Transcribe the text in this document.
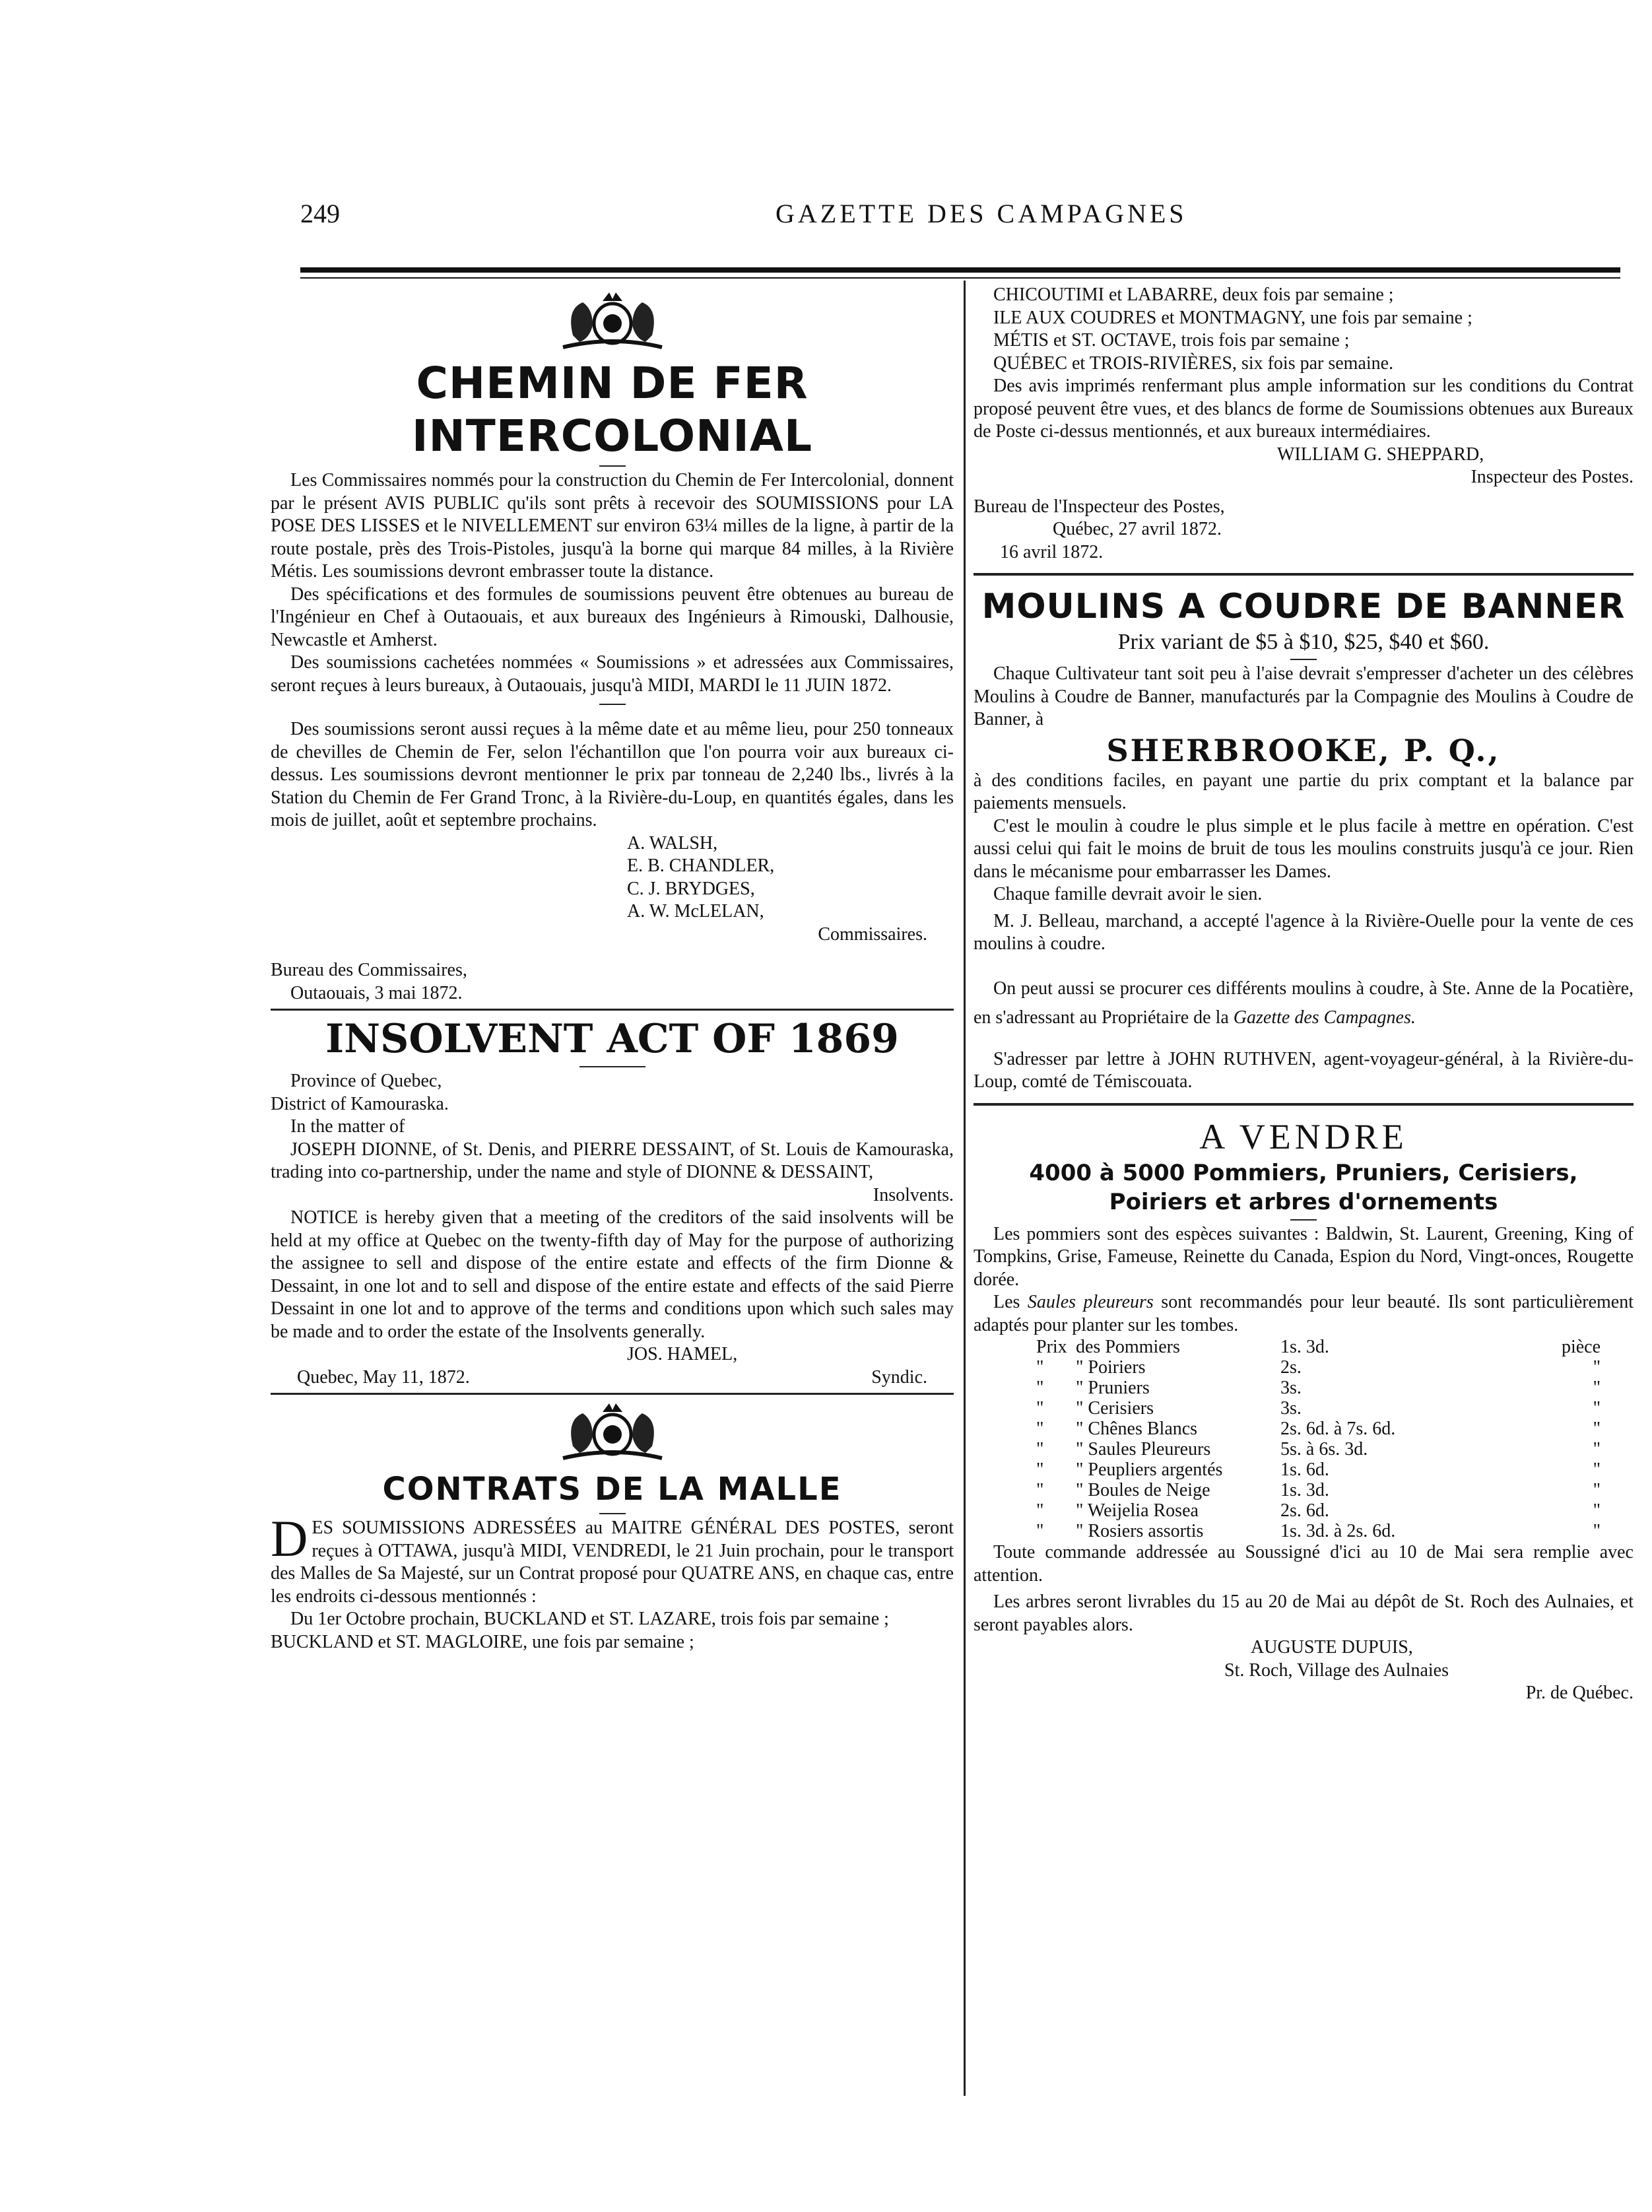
249	GAZETTE DES CAMPAGNES
CHEMIN DE FER INTERCOLONIAL

Les Commissaires nommés pour la construction du Chemin de Fer Intercolonial, donnent par le présent AVIS PUBLIC qu'ils sont prêts à recevoir des SOUMISSIONS pour LA POSE DES LISSES et le NIVELLEMENT sur environ 63¼ milles de la ligne, à partir de la route postale, près des Trois-Pistoles, jusqu'à la borne qui marque 84 milles, à la Rivière Métis. Les soumissions devront embrasser toute la distance.

Des spécifications et des formules de soumissions peuvent être obtenues au bureau de l'Ingénieur en Chef à Outaouais, et aux bureaux des Ingénieurs à Rimouski, Dalhousie, Newcastle et Amherst.

Des soumissions cachetées nommées « Soumissions » et adressées aux Commissaires, seront reçues à leurs bureaux, à Outaouais, jusqu'à MIDI, MARDI le 11 JUIN 1872.

Des soumissions seront aussi reçues à la même date et au même lieu, pour 250 tonneaux de chevilles de Chemin de Fer, selon l'échantillon que l'on pourra voir aux bureaux ci-dessus. Les soumissions devront mentionner le prix par tonneau de 2,240 lbs., livrés à la Station du Chemin de Fer Grand Tronc, à la Rivière-du-Loup, en quantités égales, dans les mois de juillet, août et septembre prochains.

A. WALSH,

E. B. CHANDLER,

C. J. BRYDGES,

A. W. McLELAN,

Commissaires.

Bureau des Commissaires,

Outaouais, 3 mai 1872.

INSOLVENT ACT OF 1869

Province of Quebec,

District of Kamouraska.

In the matter of

JOSEPH DIONNE, of St. Denis, and PIERRE DESSAINT, of St. Louis de Kamouraska, trading into co-partnership, under the name and style of DIONNE & DESSAINT,

Insolvents.

NOTICE is hereby given that a meeting of the creditors of the said insolvents will be held at my office at Quebec on the twenty-fifth day of May for the purpose of authorizing the assignee to sell and dispose of the entire estate and effects of the firm Dionne & Dessaint, in one lot and to sell and dispose of the entire estate and effects of the said Pierre Dessaint in one lot and to approve of the terms and conditions upon which such sales may be made and to order the estate of the Insolvents generally.

JOS. HAMEL,

Quebec, May 11, 1872.	Syndic.

CONTRATS DE LA MALLE

DES SOUMISSIONS ADRESSÉES au MAITRE GÉNÉRAL DES POSTES, seront reçues à OTTAWA, jusqu'à MIDI, VENDREDI, le 21 Juin prochain, pour le transport des Malles de Sa Majesté, sur un Contrat proposé pour QUATRE ANS, en chaque cas, entre les endroits ci-dessous mentionnés :

Du 1er Octobre prochain, BUCKLAND et ST. LAZARE, trois fois par semaine ;

BUCKLAND et ST. MAGLOIRE, une fois par semaine ;

CHICOUTIMI et LABARRE, deux fois par semaine ;

ILE AUX COUDRES et MONTMAGNY, une fois par semaine ;

MÉTIS et ST. OCTAVE, trois fois par semaine ;

QUÉBEC et TROIS-RIVIÈRES, six fois par semaine.

Des avis imprimés renfermant plus ample information sur les conditions du Contrat proposé peuvent être vues, et des blancs de forme de Soumissions obtenues aux Bureaux de Poste ci-dessus mentionnés, et aux bureaux intermédiaires.

WILLIAM G. SHEPPARD,

Inspecteur des Postes.

Bureau de l'Inspecteur des Postes,

Québec, 27 avril 1872.

16 avril 1872.

MOULINS A COUDRE DE BANNER

Prix variant de $5 à $10, $25, $40 et $60.

Chaque Cultivateur tant soit peu à l'aise devrait s'empresser d'acheter un des célèbres Moulins à Coudre de Banner, manufacturés par la Compagnie des Moulins à Coudre de Banner, à

SHERBROOKE, P. Q.,

à des conditions faciles, en payant une partie du prix comptant et la balance par paiements mensuels.

C'est le moulin à coudre le plus simple et le plus facile à mettre en opération. C'est aussi celui qui fait le moins de bruit de tous les moulins construits jusqu'à ce jour. Rien dans le mécanisme pour embarrasser les Dames.

Chaque famille devrait avoir le sien.

M. J. Belleau, marchand, a accepté l'agence à la Rivière-Ouelle pour la vente de ces moulins à coudre.

On peut aussi se procurer ces différents moulins à coudre, à Ste. Anne de la Pocatière, en s'adressant au Propriétaire de la Gazette des Campagnes.

S'adresser par lettre à JOHN RUTHVEN, agent-voyageur-général, à la Rivière-du-Loup, comté de Témiscouata.

A VENDRE
4000 à 5000 Pommiers, Pruniers, Cerisiers,
Poiriers et arbres d'ornements

Les pommiers sont des espèces suivantes : Baldwin, St. Laurent, Greening, King of Tompkins, Grise, Fameuse, Reinette du Canada, Espion du Nord, Vingt-onces, Rougette dorée.

Les Saules pleureurs sont recommandés pour leur beauté. Ils sont particulièrement adaptés pour planter sur les tombes.

Prix	des Pommiers	1s. 3d.	pièce
"	" Poiriers	2s.	"
"	" Pruniers	3s.	"
"	" Cerisiers	3s.	"
"	" Chênes Blancs	2s. 6d. à 7s. 6d.	"
"	" Saules Pleureurs	5s. à 6s. 3d.	"
"	" Peupliers argentés	1s. 6d.	"
"	" Boules de Neige	1s. 3d.	"
"	" Weijelia Rosea	2s. 6d.	"
"	" Rosiers assortis	1s. 3d. à 2s. 6d.	"

Toute commande addressée au Soussigné d'ici au 10 de Mai sera remplie avec attention.

Les arbres seront livrables du 15 au 20 de Mai au dépôt de St. Roch des Aulnaies, et seront payables alors.

AUGUSTE DUPUIS,

St. Roch, Village des Aulnaies

Pr. de Québec.
